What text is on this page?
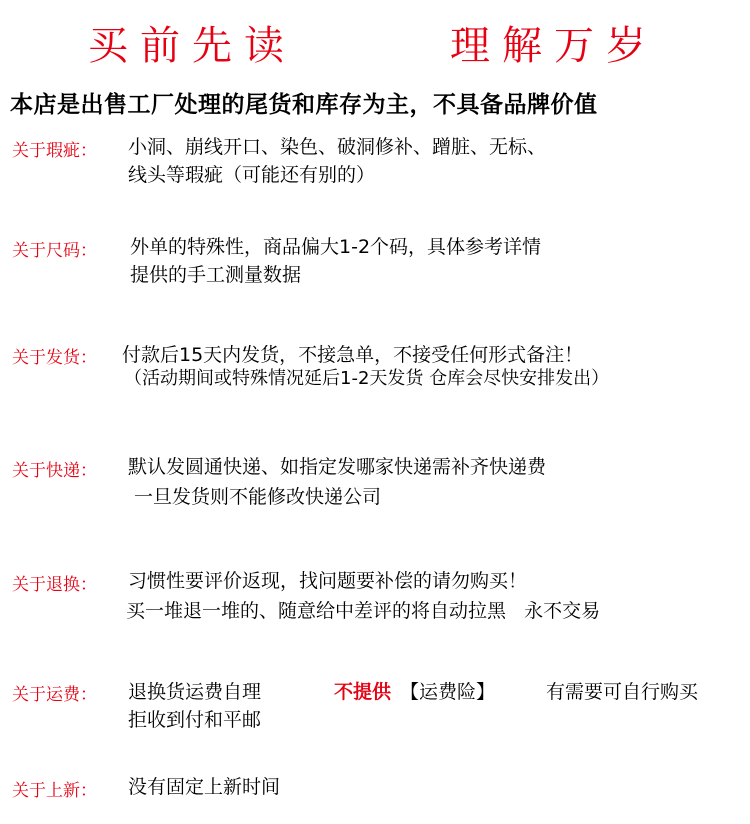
买前先读	理解万岁
本店是出售工厂处理的尾货和库存为主，不具备品牌价值
关于瑕疵： 小洞、崩线开口、染色、破洞修补、蹭脏、无标、
线头等瑕疵（可能还有别的）
关于尺码： 外单的特殊性，商品偏大1-2个码，具体参考详情
提供的手工测量数据
关于发货： 付款后15天内发货，不接急单，不接受任何形式备注！
（活动期间或特殊情况延后1-2天发货 仓库会尽快安排发出）
关于快递： 默认发圆通快递、如指定发哪家快递需补齐快递费
一旦发货则不能修改快递公司
关于退换： 习惯性要评价返现，找问题要补偿的请勿购买！
买一堆退一堆的、随意给中差评的将自动拉黑   永不交易
关于运费： 退换货运费自理	不提供 【运费险】	有需要可自行购买
拒收到付和平邮
关于上新： 没有固定上新时间
